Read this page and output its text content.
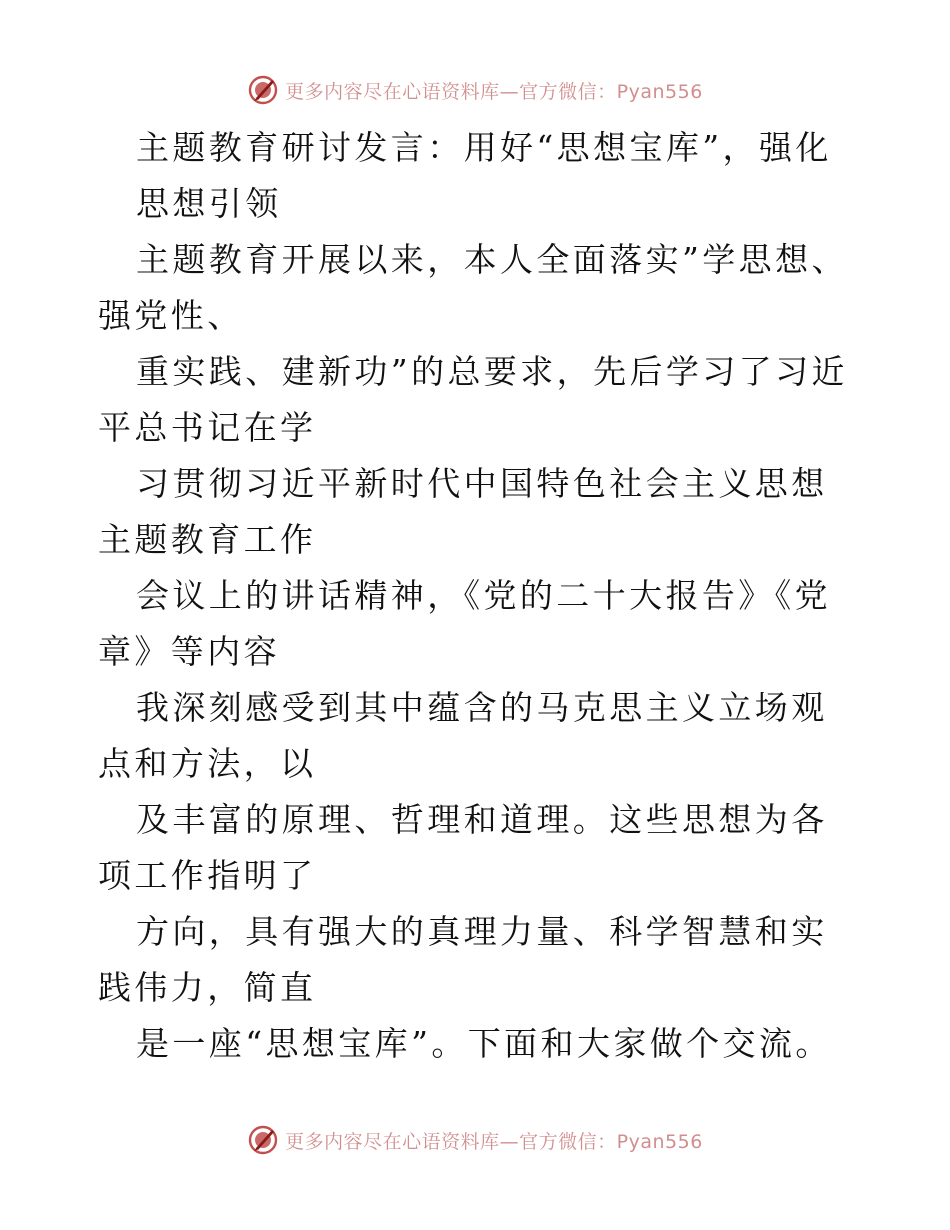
更多内容尽在心语资料库—官方微信：Pyan556
主题教育研讨发言：用好“思想宝库”，强化
思想引领

主题教育开展以来，本人全面落实”学思想、强党性、

重实践、建新功”的总要求，先后学习了习近平总书记在学

习贯彻习近平新时代中国特色社会主义思想主题教育工作

会议上的讲话精神，《党的二十大报告》《党章》等内容

我深刻感受到其中蕴含的马克思主义立场观点和方法，以

及丰富的原理、哲理和道理。这些思想为各项工作指明了

方向，具有强大的真理力量、科学智慧和实践伟力，简直

是一座“思想宝库”。下面和大家做个交流。

更多内容尽在心语资料库—官方微信：Pyan556
